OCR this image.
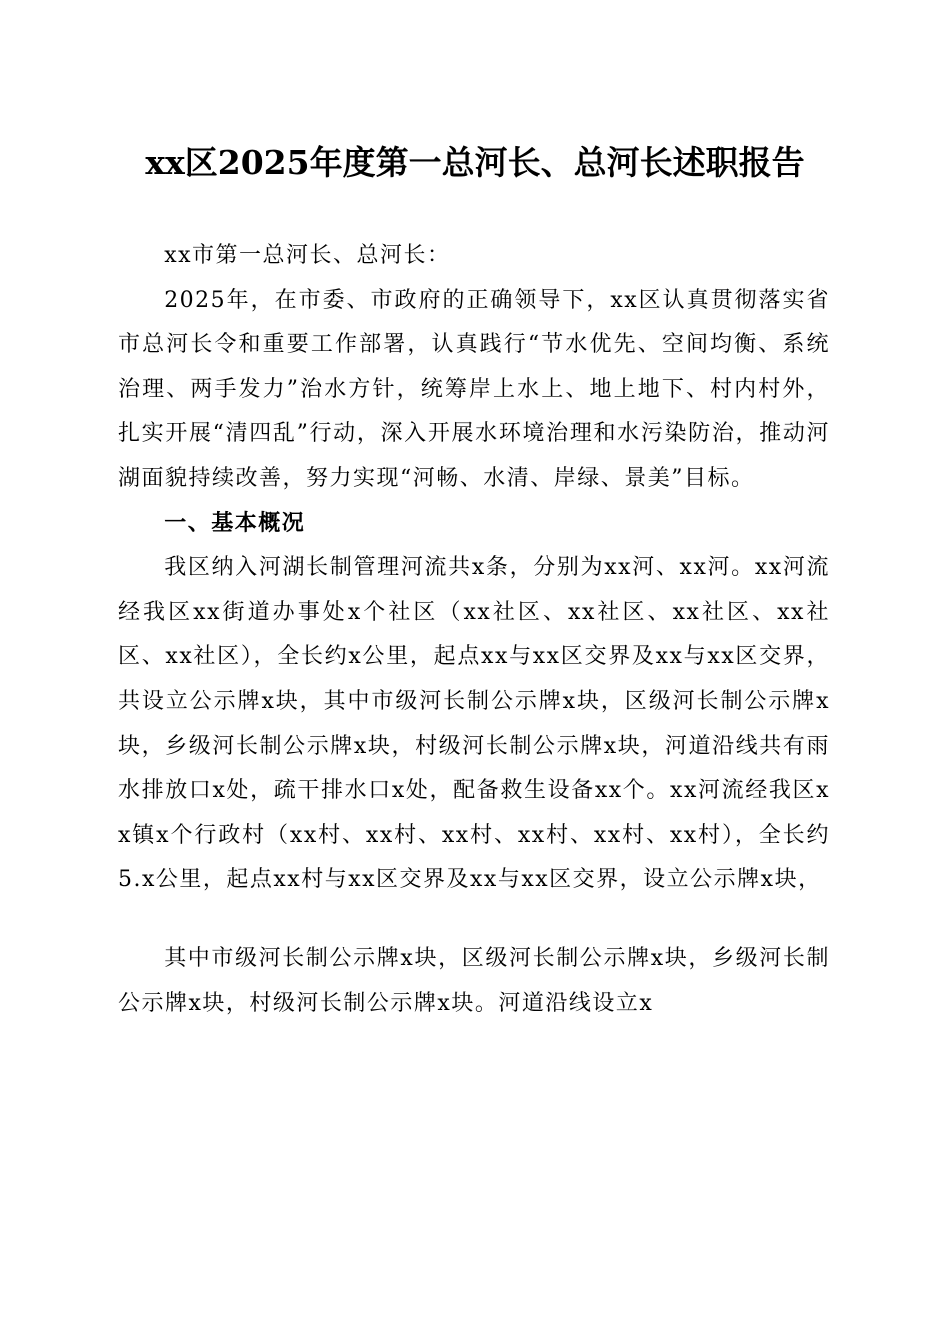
xx区2025年度第一总河长、总河长述职报告

xx市第一总河长、总河长：

2025年，在市委、市政府的正确领导下，xx区认真贯彻落实省市总河长令和重要工作部署，认真践行“节水优先、空间均衡、系统治理、两手发力”治水方针，统筹岸上水上、地上地下、村内村外，扎实开展“清四乱”行动，深入开展水环境治理和水污染防治，推动河湖面貌持续改善，努力实现“河畅、水清、岸绿、景美”目标。

一、基本概况

我区纳入河湖长制管理河流共x条，分别为xx河、xx河。xx河流经我区xx街道办事处x个社区（xx社区、xx社区、xx社区、xx社区、xx社区），全长约x公里，起点xx与xx区交界及xx与xx区交界，共设立公示牌x块，其中市级河长制公示牌x块，区级河长制公示牌x块，乡级河长制公示牌x块，村级河长制公示牌x块，河道沿线共有雨水排放口x处，疏干排水口x处，配备救生设备xx个。xx河流经我区xx镇x个行政村（xx村、xx村、xx村、xx村、xx村、xx村），全长约5.x公里，起点xx村与xx区交界及xx与xx区交界，设立公示牌x块，

其中市级河长制公示牌x块，区级河长制公示牌x块，乡级河长制公示牌x块，村级河长制公示牌x块。河道沿线设立x
